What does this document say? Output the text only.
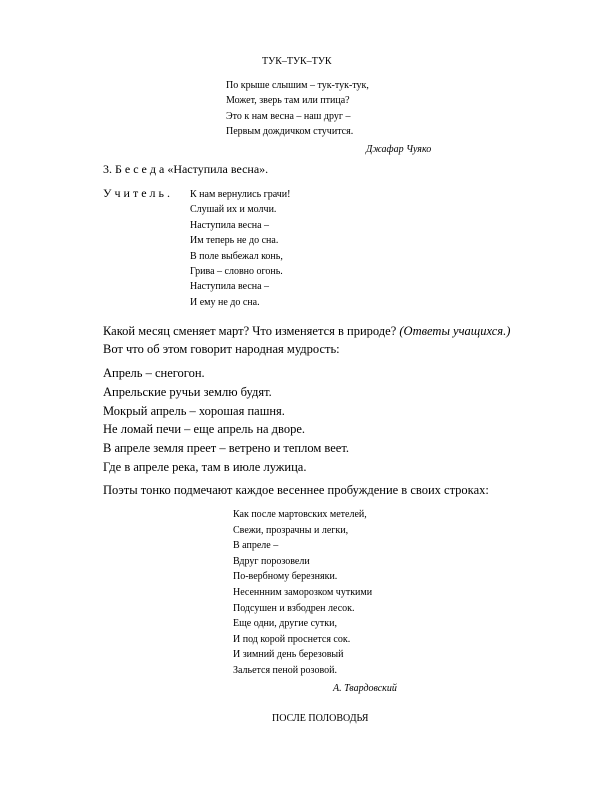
ТУК–ТУК–ТУК
По крыше слышим – тук-тук-тук,
Может, зверь там или птица?
Это к нам весна – наш друг –
Первым дождичком стучится.
Джафар Чуяко
3. Б е с е д а «Наступила весна».
У ч и т е л ь . К нам вернулись грачи!
Слушай их и молчи.
Наступила весна –
Им теперь не до сна.
В поле выбежал конь,
Грива – словно огонь.
Наступила весна –
И ему не до сна.
Какой месяц сменяет март? Что изменяется в природе? (Ответы учащихся.)
Вот что об этом говорит народная мудрость:
Апрель – снегогон.
Апрельские ручьи землю будят.
Мокрый апрель – хорошая пашня.
Не ломай печи – еще апрель на дворе.
В апреле земля преет – ветрено и теплом веет.
Где в апреле река, там в июле лужица.
Поэты тонко подмечают каждое весеннее пробуждение в своих строках:
Как после мартовских метелей,
Свежи, прозрачны и легки,
В апреле –
Вдруг порозовели
По-вербному березняки.
Несеннним заморозком чуткими
Подсушен и взбодрен лесок.
Еще одни, другие сутки,
И под корой проснется сок.
И зимний день березовый
Зальется пеной розовой.
А. Твардовский
ПОСЛЕ ПОЛОВОДЬЯ
